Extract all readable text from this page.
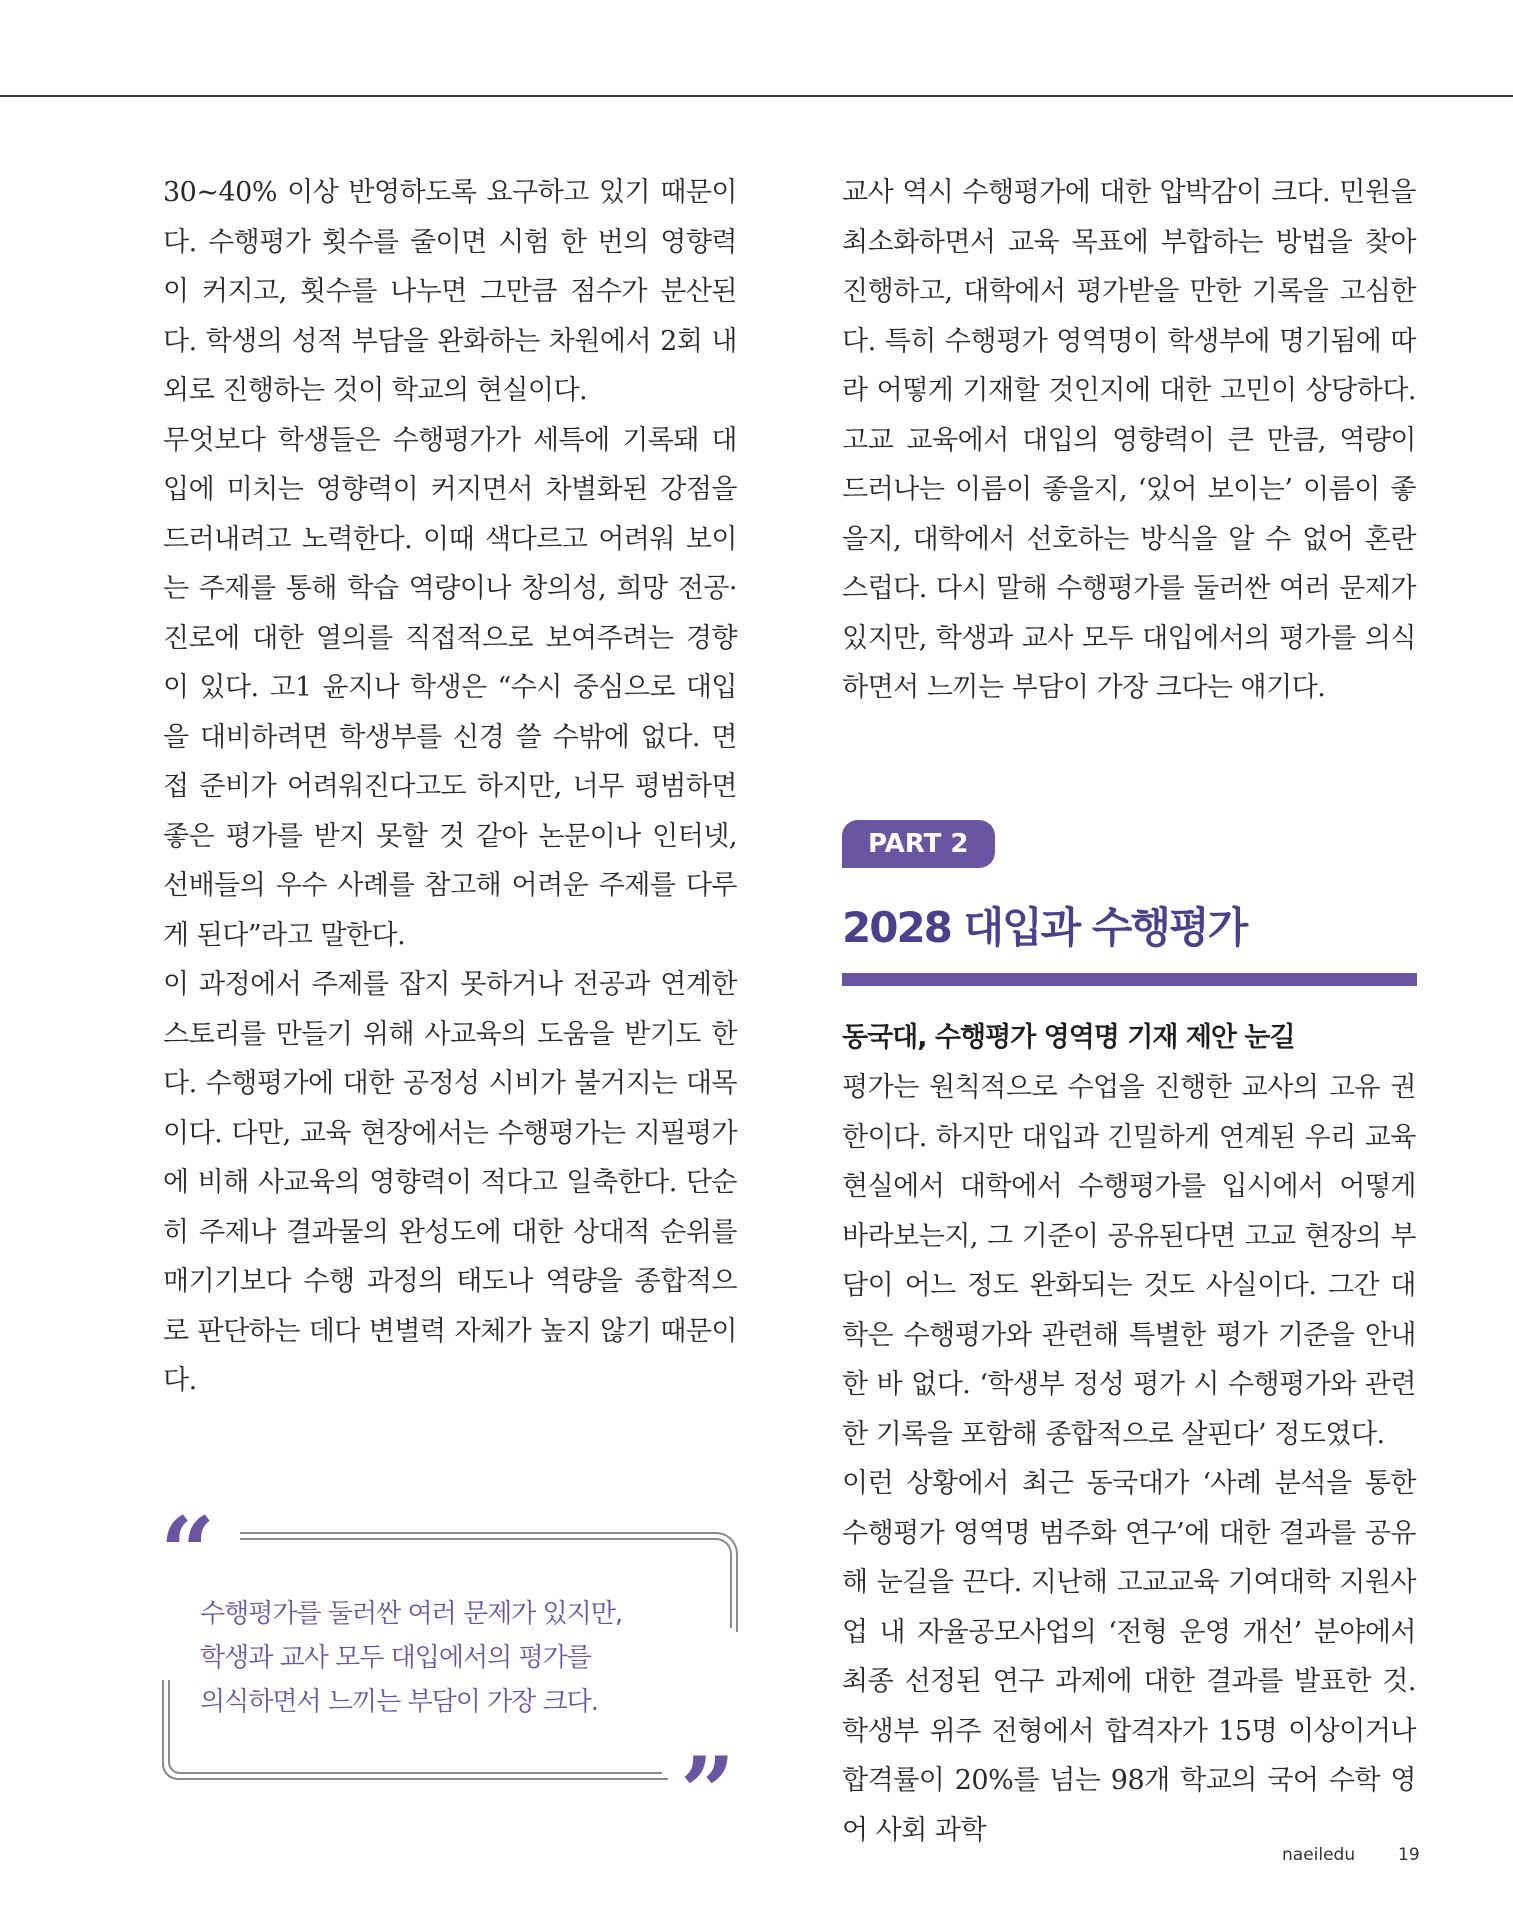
30~40% 이상 반영하도록 요구하고 있기 때문이다. 수행평가 횟수를 줄이면 시험 한 번의 영향력이 커지고, 횟수를 나누면 그만큼 점수가 분산된다. 학생의 성적 부담을 완화하는 차원에서 2회 내외로 진행하는 것이 학교의 현실이다.

무엇보다 학생들은 수행평가가 세특에 기록돼 대입에 미치는 영향력이 커지면서 차별화된 강점을 드러내려고 노력한다. 이때 색다르고 어려워 보이는 주제를 통해 학습 역량이나 창의성, 희망 전공·진로에 대한 열의를 직접적으로 보여주려는 경향이 있다. 고1 윤지나 학생은 “수시 중심으로 대입을 대비하려면 학생부를 신경 쓸 수밖에 없다. 면접 준비가 어려워진다고도 하지만, 너무 평범하면 좋은 평가를 받지 못할 것 같아 논문이나 인터넷, 선배들의 우수 사례를 참고해 어려운 주제를 다루게 된다”라고 말한다.

이 과정에서 주제를 잡지 못하거나 전공과 연계한 스토리를 만들기 위해 사교육의 도움을 받기도 한다. 수행평가에 대한 공정성 시비가 불거지는 대목이다. 다만, 교육 현장에서는 수행평가는 지필평가에 비해 사교육의 영향력이 적다고 일축한다. 단순히 주제나 결과물의 완성도에 대한 상대적 순위를 매기기보다 수행 과정의 태도나 역량을 종합적으로 판단하는 데다 변별력 자체가 높지 않기 때문이다.

교사 역시 수행평가에 대한 압박감이 크다. 민원을 최소화하면서 교육 목표에 부합하는 방법을 찾아 진행하고, 대학에서 평가받을 만한 기록을 고심한다. 특히 수행평가 영역명이 학생부에 명기됨에 따라 어떻게 기재할 것인지에 대한 고민이 상당하다. 고교 교육에서 대입의 영향력이 큰 만큼, 역량이 드러나는 이름이 좋을지, ‘있어 보이는’ 이름이 좋을지, 대학에서 선호하는 방식을 알 수 없어 혼란스럽다. 다시 말해 수행평가를 둘러싼 여러 문제가 있지만, 학생과 교사 모두 대입에서의 평가를 의식하면서 느끼는 부담이 가장 크다는 얘기다.

PART 2
2028 대입과 수행평가
동국대, 수행평가 영역명 기재 제안 눈길

평가는 원칙적으로 수업을 진행한 교사의 고유 권한이다. 하지만 대입과 긴밀하게 연계된 우리 교육 현실에서 대학에서 수행평가를 입시에서 어떻게 바라보는지, 그 기준이 공유된다면 고교 현장의 부담이 어느 정도 완화되는 것도 사실이다. 그간 대학은 수행평가와 관련해 특별한 평가 기준을 안내한 바 없다. ‘학생부 정성 평가 시 수행평가와 관련한 기록을 포함해 종합적으로 살핀다’ 정도였다.

이런 상황에서 최근 동국대가 ‘사례 분석을 통한 수행평가 영역명 범주화 연구’에 대한 결과를 공유해 눈길을 끈다. 지난해 고교교육 기여대학 지원사업 내 자율공모사업의 ‘전형 운영 개선’ 분야에서 최종 선정된 연구 과제에 대한 결과를 발표한 것. 학생부 위주 전형에서 합격자가 15명 이상이거나 합격률이 20%를 넘는 98개 학교의 국어 수학 영어 사회 과학

“
수행평가를 둘러싼 여러 문제가 있지만,
학생과 교사 모두 대입에서의 평가를
의식하면서 느끼는 부담이 가장 크다.
”
naeiledu	19
